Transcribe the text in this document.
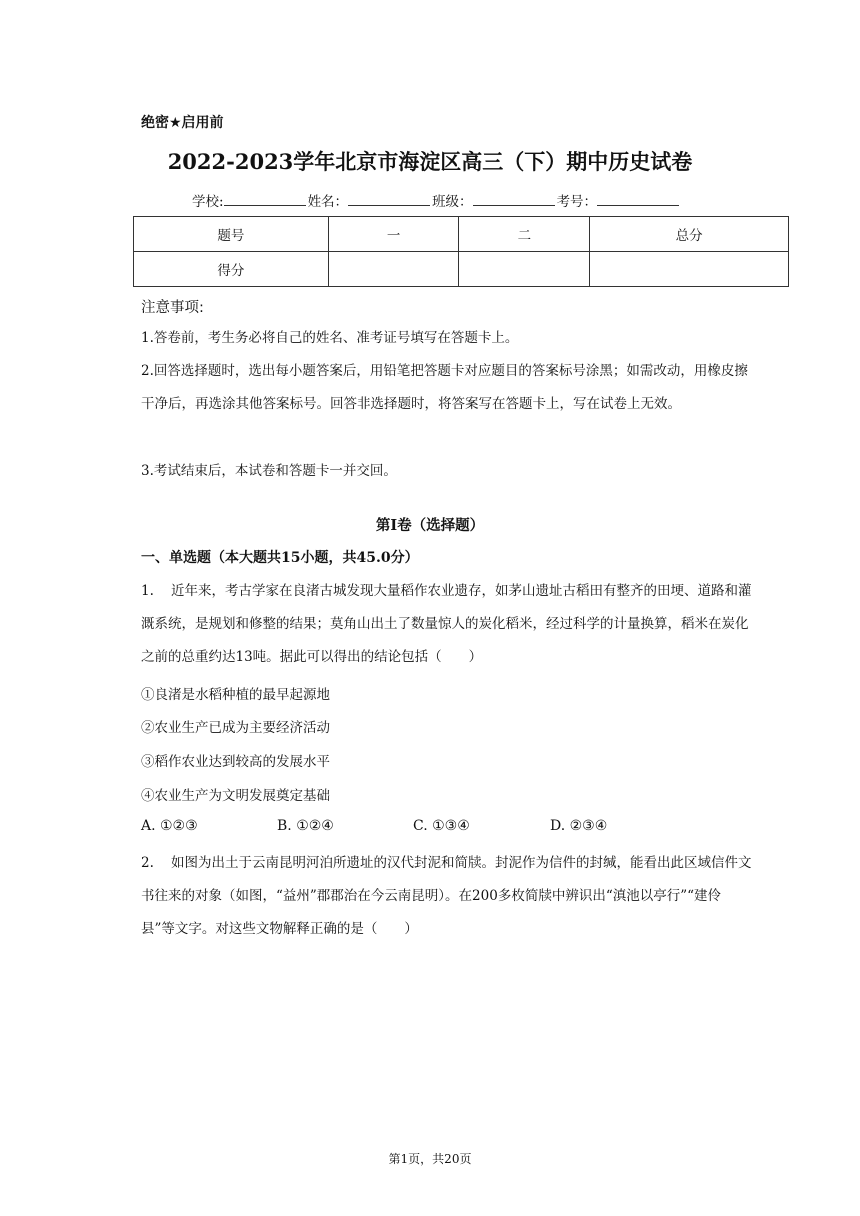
绝密★启用前
2022-2023学年北京市海淀区高三（下）期中历史试卷
学校:	姓名：	班级：	考号：
题号	一	二	总分
得分			
注意事项:
1.答卷前，考生务必将自己的姓名、准考证号填写在答题卡上。
2.回答选择题时，选出每小题答案后，用铅笔把答题卡对应题目的答案标号涂黑；如需改动，用橡皮擦干净后，再选涂其他答案标号。回答非选择题时，将答案写在答题卡上，写在试卷上无效。
3.考试结束后，本试卷和答题卡一并交回。
第Ⅰ卷（选择题）
一、单选题（本大题共15小题，共45.0分）
1. 近年来，考古学家在良渚古城发现大量稻作农业遗存，如茅山遗址古稻田有整齐的田埂、道路和灌溉系统，是规划和修整的结果；莫角山出土了数量惊人的炭化稻米，经过科学的计量换算，稻米在炭化之前的总重约达13吨。据此可以得出的结论包括（　　）
①良渚是水稻种植的最早起源地
②农业生产已成为主要经济活动
③稻作农业达到较高的发展水平
④农业生产为文明发展奠定基础
A. ①②③	B. ①②④	C. ①③④	D. ②③④
2. 如图为出土于云南昆明河泊所遗址的汉代封泥和简牍。封泥作为信件的封缄，能看出此区域信件文书往来的对象（如图，“益州”郡郡治在今云南昆明）。在200多枚简牍中辨识出“滇池以亭行”“建伶县”等文字。对这些文物解释正确的是（　　）
第1页，共20页
